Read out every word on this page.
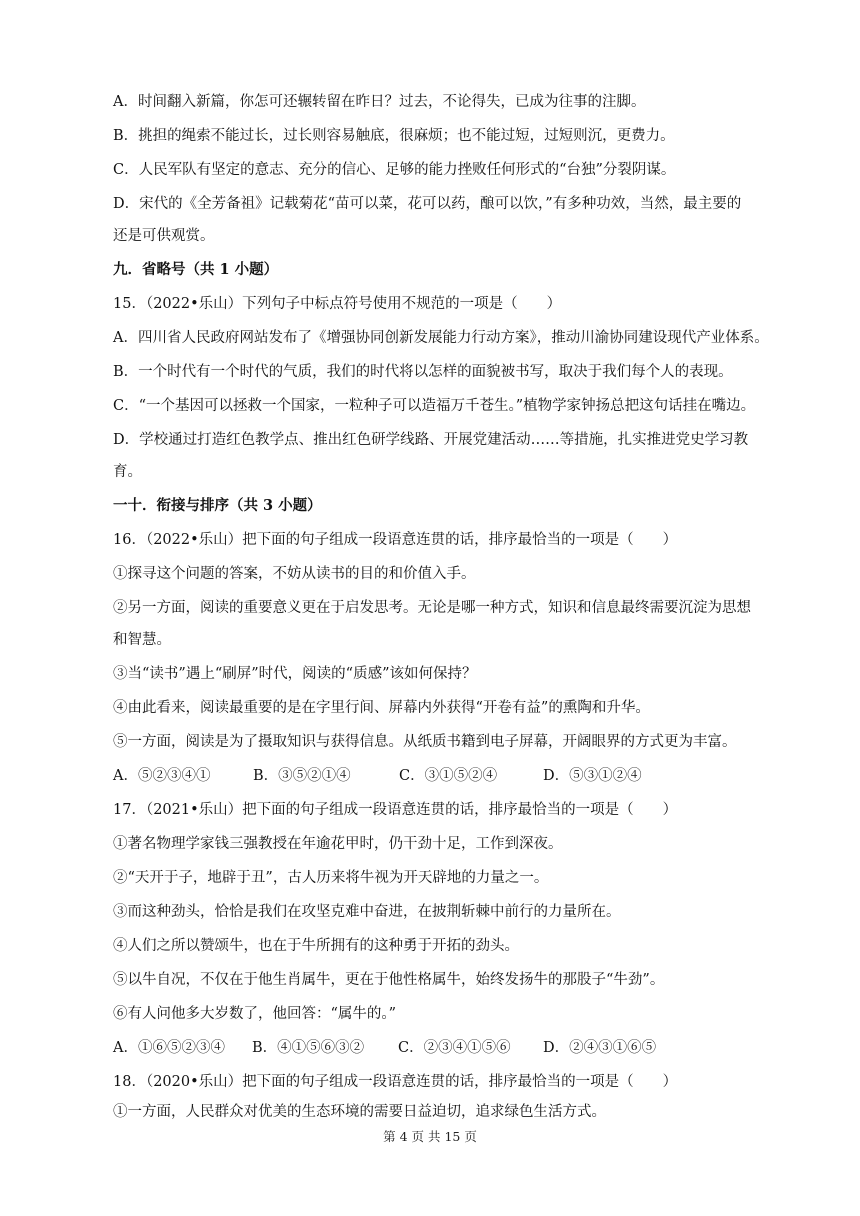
A．时间翻入新篇，你怎可还辗转留在昨日？过去，不论得失，已成为往事的注脚。
B．挑担的绳索不能过长，过长则容易触底，很麻烦；也不能过短，过短则沉，更费力。
C．人民军队有坚定的意志、充分的信心、足够的能力挫败任何形式的“台独”分裂阴谋。
D．宋代的《全芳备祖》记载菊花“苗可以菜，花可以药，酿可以饮，”有多种功效，当然，最主要的
还是可供观赏。
九．省略号（共 1 小题）
15．（2022•乐山）下列句子中标点符号使用不规范的一项是（　　）
A．四川省人民政府网站发布了《增强协同创新发展能力行动方案》，推动川渝协同建设现代产业体系。
B．一个时代有一个时代的气质，我们的时代将以怎样的面貌被书写，取决于我们每个人的表现。
C．“一个基因可以拯救一个国家，一粒种子可以造福万千苍生。”植物学家钟扬总把这句话挂在嘴边。
D．学校通过打造红色教学点、推出红色研学线路、开展党建活动……等措施，扎实推进党史学习教
育。
一十．衔接与排序（共 3 小题）
16．（2022•乐山）把下面的句子组成一段语意连贯的话，排序最恰当的一项是（　　）
①探寻这个问题的答案，不妨从读书的目的和价值入手。
②另一方面，阅读的重要意义更在于启发思考。无论是哪一种方式，知识和信息最终需要沉淀为思想
和智慧。
③当“读书”遇上“刷屏”时代，阅读的“质感”该如何保持？
④由此看来，阅读最重要的是在字里行间、屏幕内外获得“开卷有益”的熏陶和升华。
⑤一方面，阅读是为了摄取知识与获得信息。从纸质书籍到电子屏幕，开阔眼界的方式更为丰富。
A．⑤②③④①	B．③⑤②①④	C．③①⑤②④	D．⑤③①②④
17．（2021•乐山）把下面的句子组成一段语意连贯的话，排序最恰当的一项是（　　）
①著名物理学家钱三强教授在年逾花甲时，仍干劲十足，工作到深夜。
②“天开于子，地辟于丑”，古人历来将牛视为开天辟地的力量之一。
③而这种劲头，恰恰是我们在攻坚克难中奋进，在披荆斩棘中前行的力量所在。
④人们之所以赞颂牛，也在于牛所拥有的这种勇于开拓的劲头。
⑤以牛自况，不仅在于他生肖属牛，更在于他性格属牛，始终发扬牛的那股子“牛劲”。
⑥有人问他多大岁数了，他回答：“属牛的。”
A．①⑥⑤②③④	B．④①⑤⑥③②	C．②③④①⑤⑥	D．②④③①⑥⑤
18．（2020•乐山）把下面的句子组成一段语意连贯的话，排序最恰当的一项是（　　）
①一方面，人民群众对优美的生态环境的需要日益迫切，追求绿色生活方式。
第 4 页 共 15 页
